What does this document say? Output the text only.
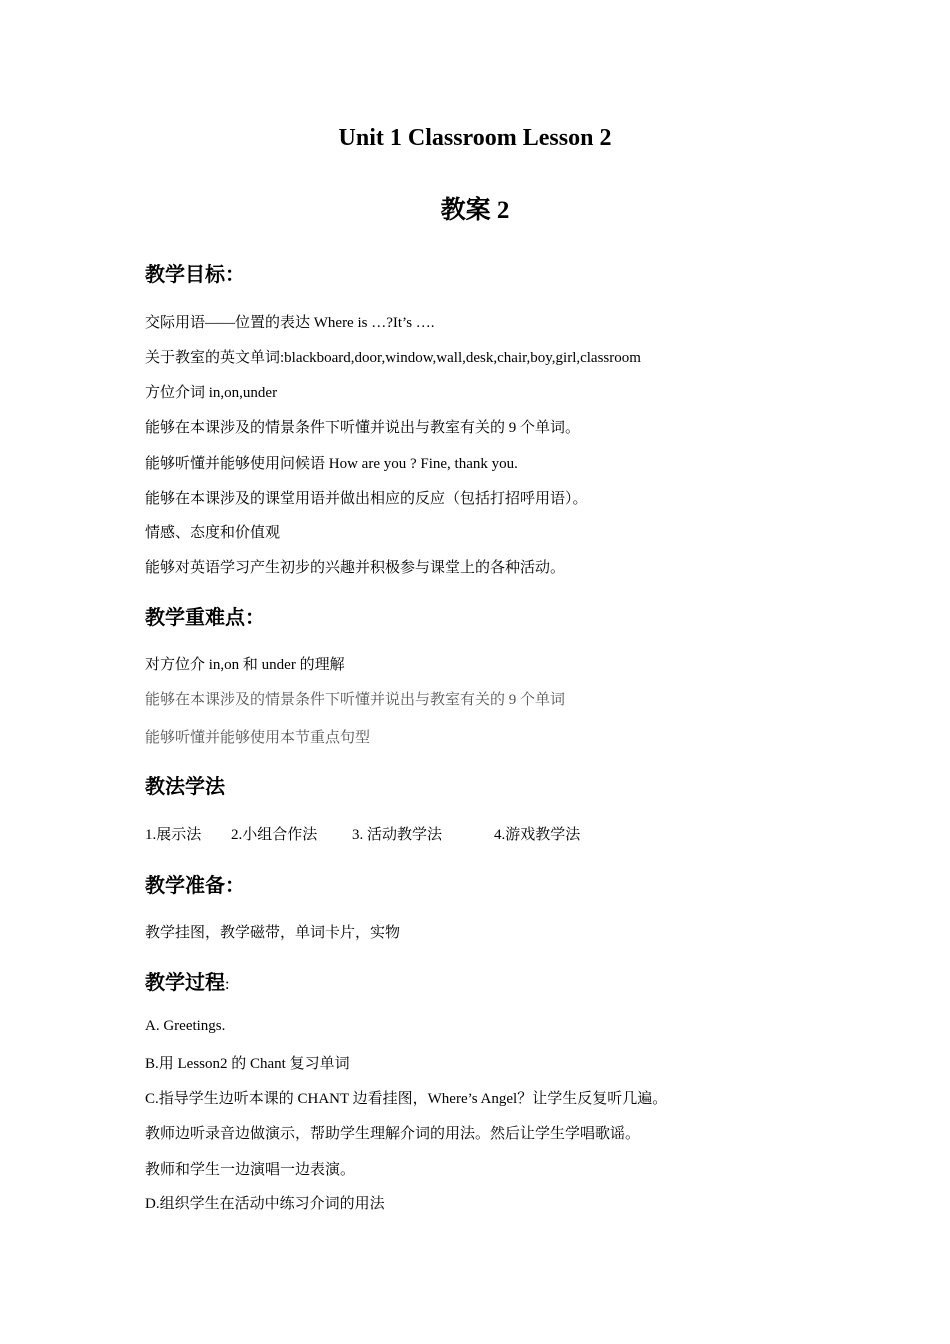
Unit 1 Classroom Lesson 2
教案 2
教学目标：

交际用语——位置的表达 Where is …?It’s ….

关于教室的英文单词:blackboard,door,window,wall,desk,chair,boy,girl,classroom

方位介词 in,on,under

能够在本课涉及的情景条件下听懂并说出与教室有关的 9 个单词。

能够听懂并能够使用问候语 How are you ? Fine, thank you.

能够在本课涉及的课堂用语并做出相应的反应（包括打招呼用语）。

情感、态度和价值观

能够对英语学习产生初步的兴趣并积极参与课堂上的各种活动。

教学重难点：

对方位介 in,on 和 under 的理解

能够在本课涉及的情景条件下听懂并说出与教室有关的 9 个单词

能够听懂并能够使用本节重点句型

教法学法

1.展示法 2.小组合作法 3. 活动教学法	4.游戏教学法

教学准备：

教学挂图，教学磁带，单词卡片，实物

教学过程:

A. Greetings.

B.用 Lesson2 的 Chant 复习单词

C.指导学生边听本课的 CHANT 边看挂图，Where’s Angel？让学生反复听几遍。

教师边听录音边做演示，帮助学生理解介词的用法。然后让学生学唱歌谣。

教师和学生一边演唱一边表演。

D.组织学生在活动中练习介词的用法
